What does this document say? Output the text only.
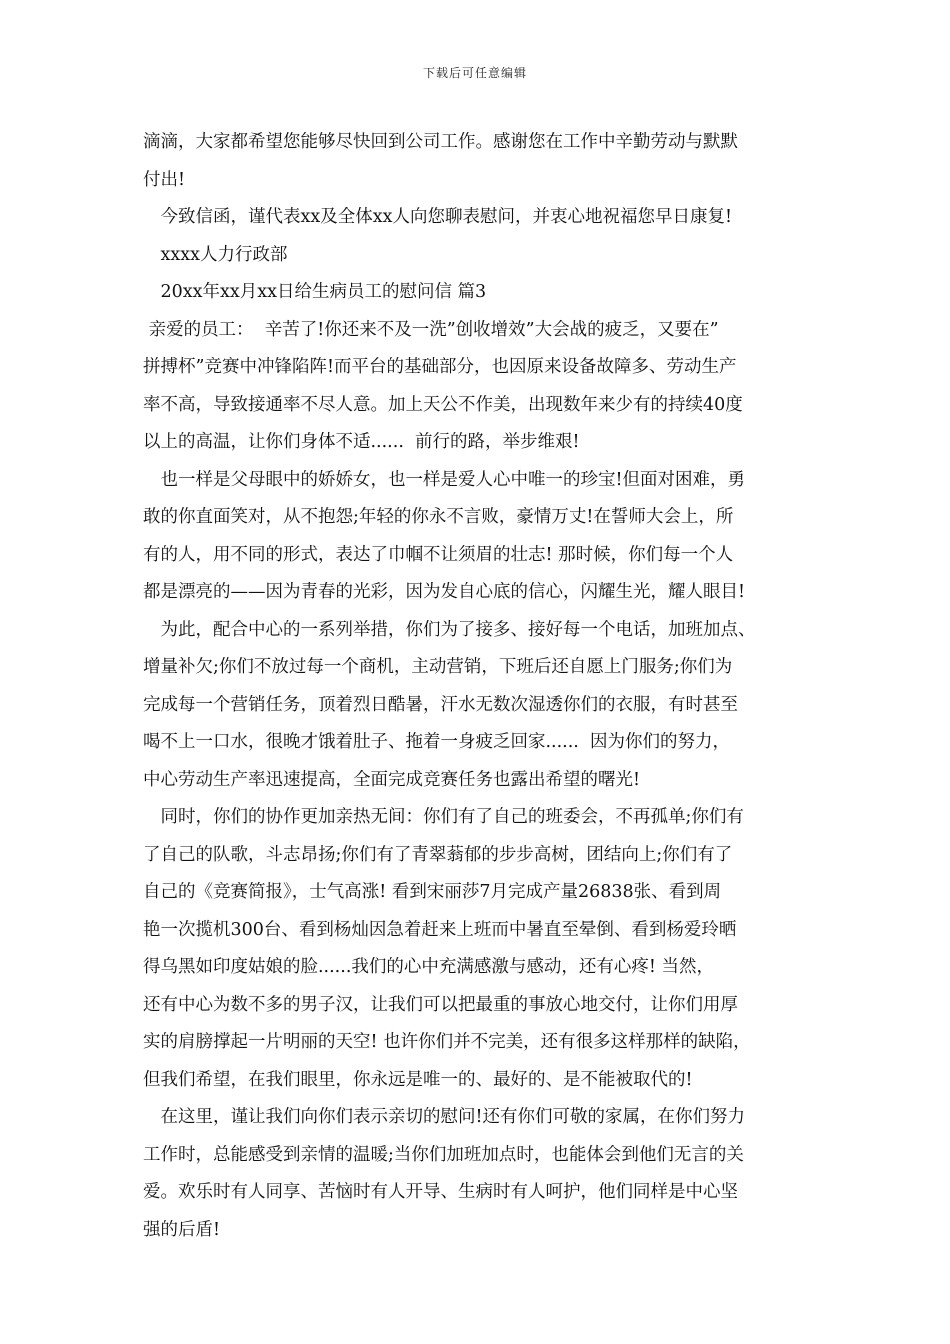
下载后可任意编辑
滴滴，大家都希望您能够尽快回到公司工作。感谢您在工作中辛勤劳动与默默
付出!
　今致信函，谨代表xx及全体xx人向您聊表慰问，并衷心地祝福您早日康复!
　xxxx人力行政部
　20xx年xx月xx日给生病员工的慰问信 篇3
亲爱的员工：  辛苦了!你还来不及一洗”创收增效”大会战的疲乏，又要在”
拼搏杯”竞赛中冲锋陷阵!而平台的基础部分，也因原来设备故障多、劳动生产
率不高，导致接通率不尽人意。加上天公不作美，出现数年来少有的持续40度
以上的高温，让你们身体不适......  前行的路，举步维艰!
　也一样是父母眼中的娇娇女，也一样是爱人心中唯一的珍宝!但面对困难，勇
敢的你直面笑对，从不抱怨;年轻的你永不言败，豪情万丈!在誓师大会上，所
有的人，用不同的形式，表达了巾帼不让须眉的壮志! 那时候，你们每一个人
都是漂亮的——因为青春的光彩，因为发自心底的信心，闪耀生光，耀人眼目!
　为此，配合中心的一系列举措，你们为了接多、接好每一个电话，加班加点、
增量补欠;你们不放过每一个商机，主动营销，下班后还自愿上门服务;你们为
完成每一个营销任务，顶着烈日酷暑，汗水无数次湿透你们的衣服，有时甚至
喝不上一口水，很晚才饿着肚子、拖着一身疲乏回家......  因为你们的努力，
中心劳动生产率迅速提高，全面完成竞赛任务也露出希望的曙光!
　同时，你们的协作更加亲热无间：你们有了自己的班委会，不再孤单;你们有
了自己的队歌，斗志昂扬;你们有了青翠蓊郁的步步高树，团结向上;你们有了
自己的《竞赛简报》，士气高涨! 看到宋丽莎7月完成产量26838张、看到周
艳一次揽机300台、看到杨灿因急着赶来上班而中暑直至晕倒、看到杨爱玲晒
得乌黑如印度姑娘的脸......我们的心中充满感激与感动，还有心疼! 当然，
还有中心为数不多的男子汉，让我们可以把最重的事放心地交付，让你们用厚
实的肩膀撑起一片明丽的天空! 也许你们并不完美，还有很多这样那样的缺陷，
但我们希望，在我们眼里，你永远是唯一的、最好的、是不能被取代的!
　在这里，谨让我们向你们表示亲切的慰问!还有你们可敬的家属，在你们努力
工作时，总能感受到亲情的温暖;当你们加班加点时，也能体会到他们无言的关
爱。欢乐时有人同享、苦恼时有人开导、生病时有人呵护，他们同样是中心坚
强的后盾!
